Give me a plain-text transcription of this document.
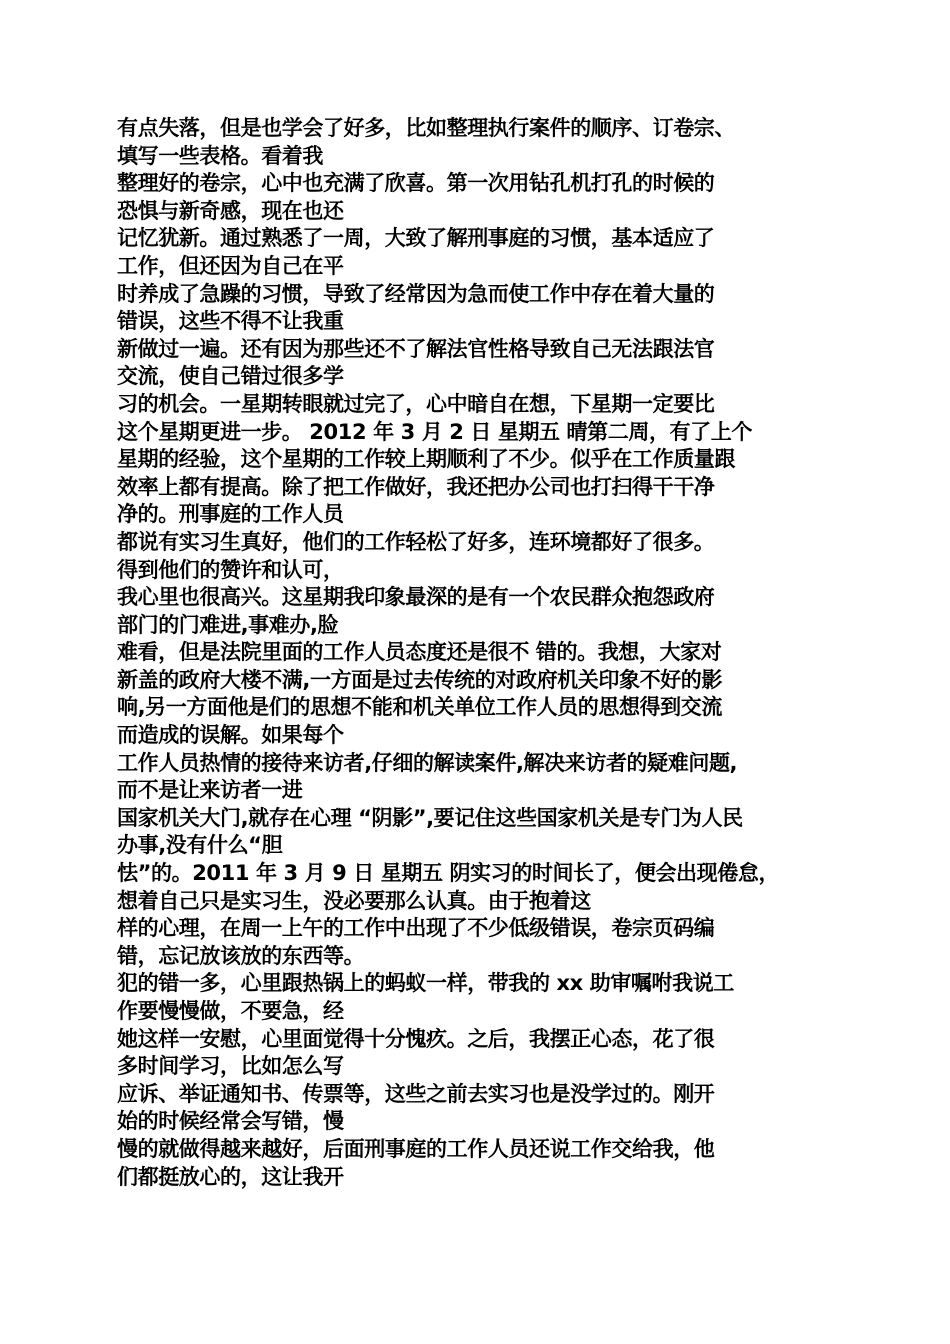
有点失落，但是也学会了好多，比如整理执行案件的顺序、订卷宗、
填写一些表格。看着我
整理好的卷宗，心中也充满了欣喜。第一次用钻孔机打孔的时候的
恐惧与新奇感，现在也还
记忆犹新。通过熟悉了一周，大致了解刑事庭的习惯，基本适应了
工作，但还因为自己在平
时养成了急躁的习惯，导致了经常因为急而使工作中存在着大量的
错误，这些不得不让我重
新做过一遍。还有因为那些还不了解法官性格导致自己无法跟法官
交流，使自己错过很多学
习的机会。一星期转眼就过完了，心中暗自在想，下星期一定要比
这个星期更进一步。 2012 年 3 月 2 日 星期五 晴第二周，有了上个
星期的经验，这个星期的工作较上期顺利了不少。似乎在工作质量跟
效率上都有提高。除了把工作做好，我还把办公司也打扫得干干净
净的。刑事庭的工作人员
都说有实习生真好，他们的工作轻松了好多，连环境都好了很多。
得到他们的赞许和认可，
我心里也很高兴。这星期我印象最深的是有一个农民群众抱怨政府
部门的门难进,事难办,脸
难看，但是法院里面的工作人员态度还是很不 错的。我想，大家对
新盖的政府大楼不满,一方面是过去传统的对政府机关印象不好的影
响,另一方面他是们的思想不能和机关单位工作人员的思想得到交流
而造成的误解。如果每个
工作人员热情的接待来访者,仔细的解读案件,解决来访者的疑难问题,
而不是让来访者一进
国家机关大门,就存在心理 “阴影”,要记住这些国家机关是专门为人民
办事,没有什么“胆
怯”的。2011 年 3 月 9 日 星期五 阴实习的时间长了，便会出现倦怠，
想着自己只是实习生，没必要那么认真。由于抱着这
样的心理，在周一上午的工作中出现了不少低级错误，卷宗页码编
错，忘记放该放的东西等。
犯的错一多，心里跟热锅上的蚂蚁一样，带我的 xx 助审嘱咐我说工
作要慢慢做，不要急，经
她这样一安慰，心里面觉得十分愧疚。之后，我摆正心态，花了很
多时间学习，比如怎么写
应诉、举证通知书、传票等，这些之前去实习也是没学过的。刚开
始的时候经常会写错，慢
慢的就做得越来越好，后面刑事庭的工作人员还说工作交给我，他
们都挺放心的，这让我开
